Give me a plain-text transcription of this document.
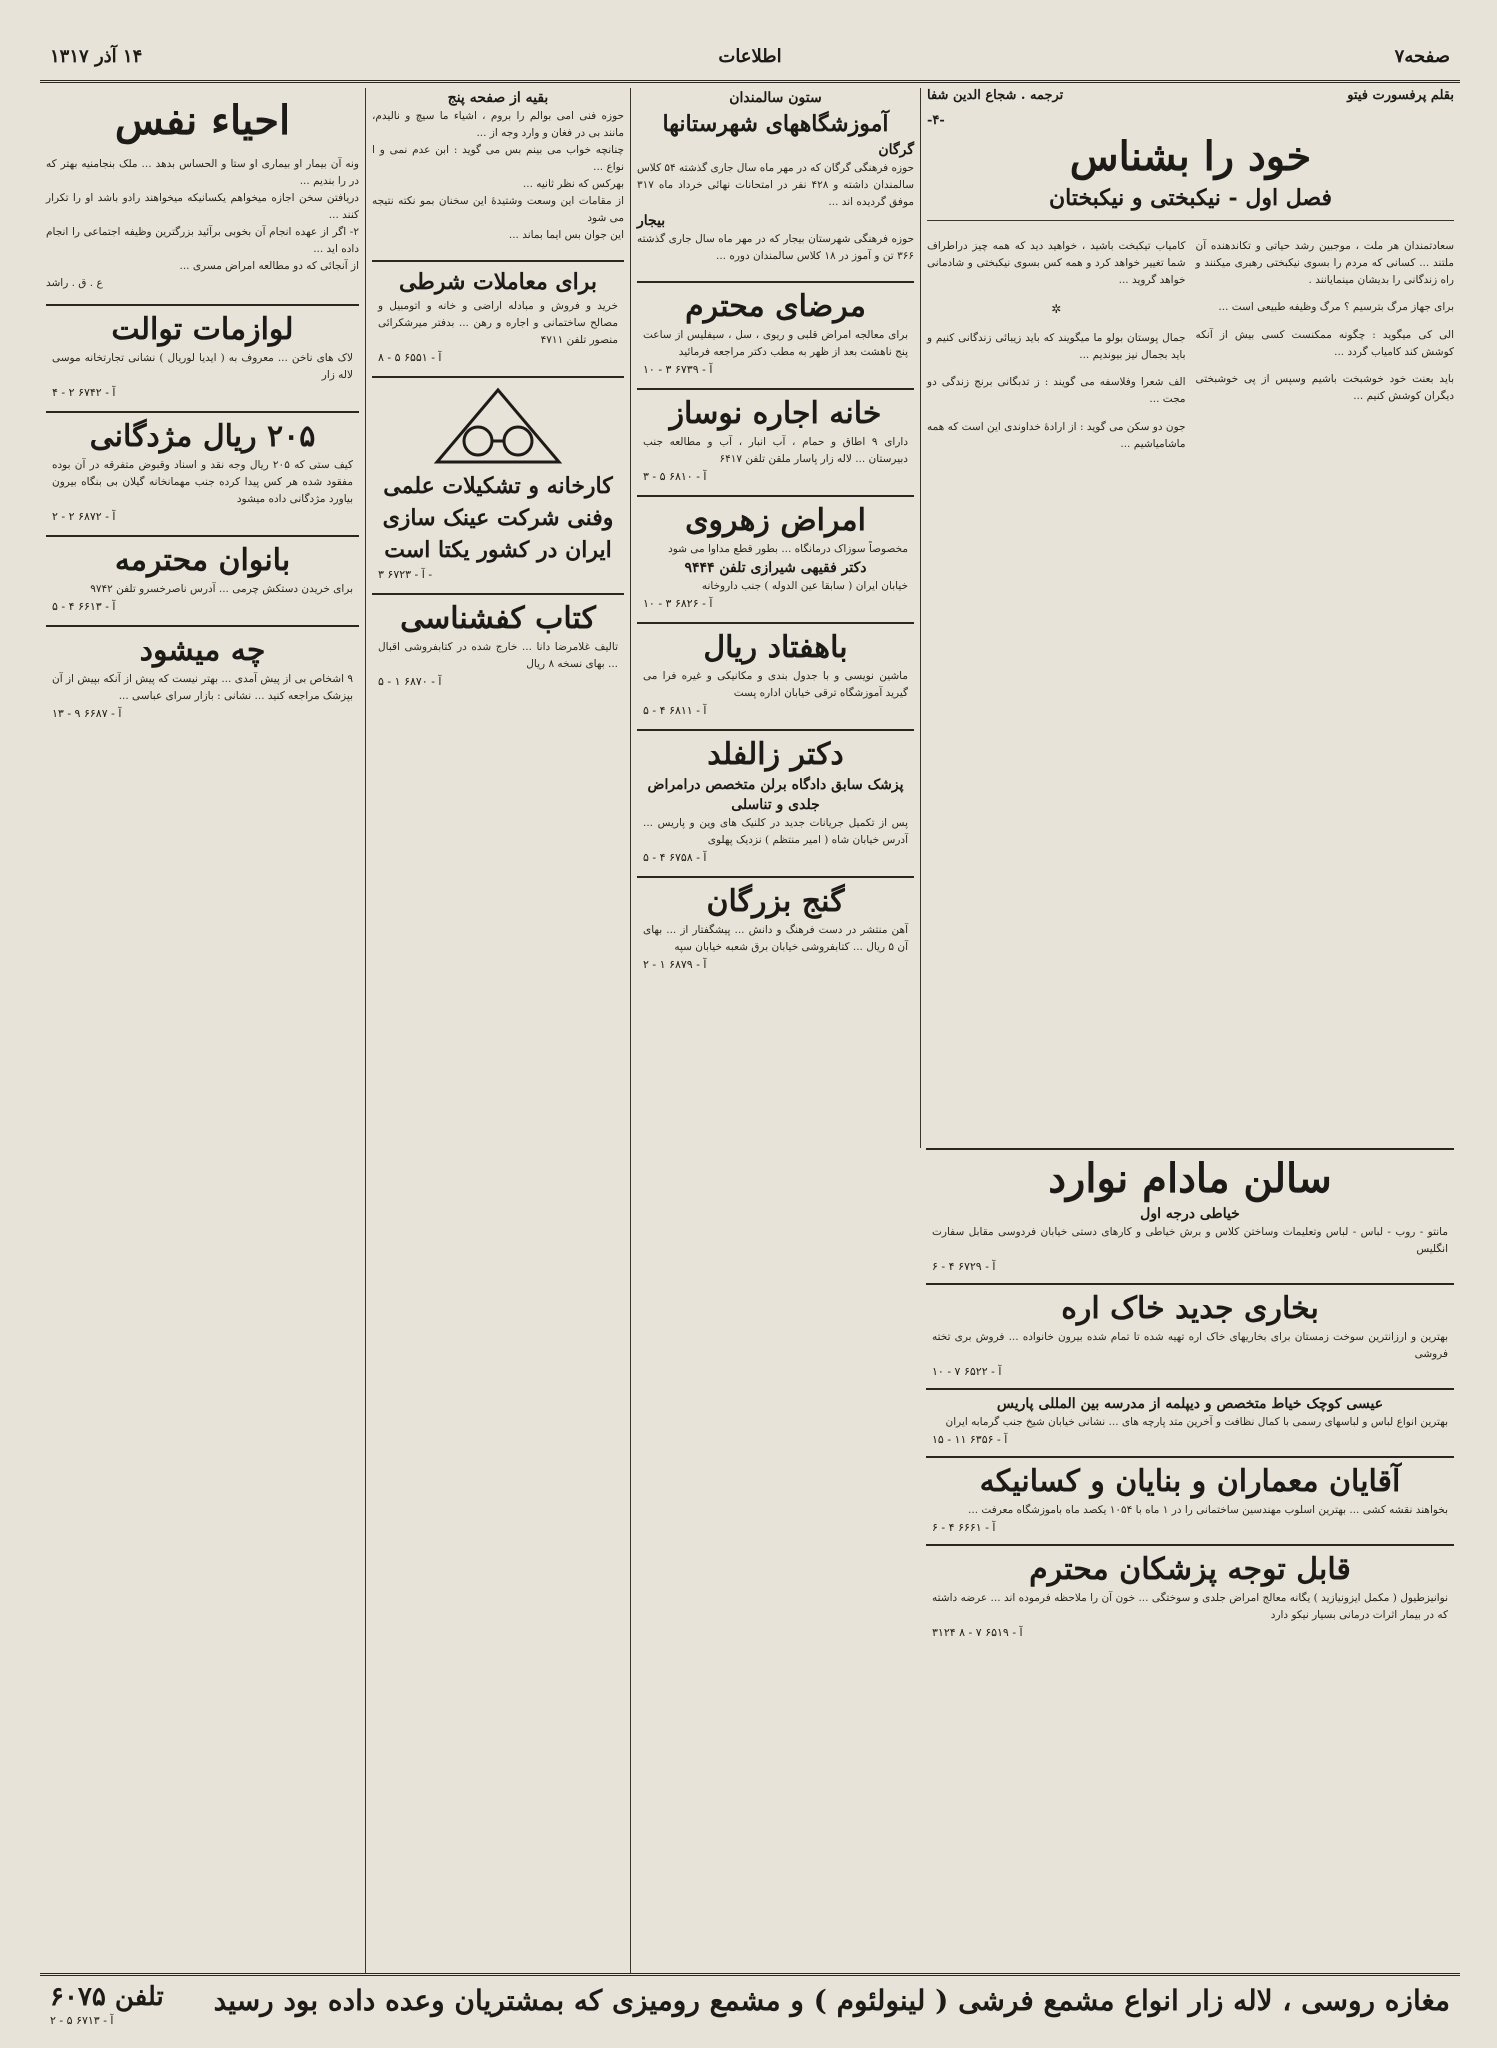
صفحه۷
اطلاعات
۱۴ آذر ۱۳۱۷
بقلم پرفسورت فیتو
ترجمه . شجاع الدین شفا
-۴-
خود را بشناس
فصل اول - نیکبختی و نیکبختان

سعادتمندان هر ملت ، موجبین رشد حیاتی و تکاندهنده آن ملتند ... کسانی که مردم را بسوی نیکبختی رهبری میکنند و راه زندگانی را بدیشان مینمایانند .

برای جهاز مرگ بترسیم ؟ مرگ وظیفه طبیعی است ...

الی کی میگوید : چگونه ممکنست کسی بیش از آنکه کوشش کند کامیاب گردد ...

باید بعنت خود خوشبخت باشیم وسپس از پی خوشبختی دیگران کوشش کنیم ...

کامیاب تیکبخت باشید ، خواهید دید که همه چیز دراطراف شما تغییر خواهد کرد و همه کس بسوی نیکبختی و شادمانی خواهد گروید ...

✲

جمال پوستان بولو ما میگویند که باید زیبائی زندگانی کنیم و باید بجمال نیز بیوندیم ...

الف شعرا وفلاسفه می گویند : ز تدبگانی برنج زندگی دو مجت ...

جون دو سکن می گوید : از ارادهٔ خداوندی این است که همه ماشامیاشیم ...

ستون سالمندان
آموزشگاههای شهرستانها
گرگان
حوزه فرهنگی گرگان که در مهر ماه سال جاری گذشته ۵۴ کلاس سالمندان داشته و ۴۲۸ نفر در امتحانات نهائی خرداد ماه ۳۱۷ موفق گردیده اند ...
بیجار
حوزه فرهنگی شهرستان بیجار که در مهر ماه سال جاری گذشته ۳۶۶ تن و آموز در ۱۸ کلاس سالمندان دوره ...
مرضای محترم
برای معالجه امراض قلبی و ریوی ، سل ، سیفلیس از ساعت پنج ناهشت بعد از ظهر به مطب دکتر مراجعه فرمائید
آ - ۶۷۳۹ ۳ - ۱۰
خانه اجاره نوساز
دارای ۹ اطاق و حمام ، آب انبار ، آب و مطالعه جنب دبیرستان ... لاله زار پاسار ملقن تلفن ۶۴۱۷
آ - ۶۸۱۰ ۵ - ۳
امراض زهروی
مخصوصاً سوزاک درمانگاه ... بطور قطع مداوا می شود
دکتر فقیهی شیرازی تلفن ۹۴۴۴
خیابان ایران ( سابقا عین الدوله ) جنب داروخانه
آ - ۶۸۲۶ ۳ - ۱۰
باهفتاد ریال
ماشین نویسی و با جدول بندی و مکانیکی و غیره فرا می گیرید آموزشگاه ترقی خیابان اداره پست
آ - ۶۸۱۱ ۴ - ۵
دکتر زالفلد
پزشک سابق دادگاه برلن متخصص درامراض جلدی و تناسلی
پس از تکمیل جریانات جدید در کلنیک های وین و پاریس ... آدرس خیابان شاه ( امیر منتظم ) نزدیک پهلوی
آ - ۶۷۵۸ ۴ - ۵
گنج بزرگان
آهن منتشر در دست فرهنگ و دانش ... پیشگفتار از ... بهای آن ۵ ریال ... کتابفروشی خیابان برق شعبه خیابان سپه
آ - ۶۸۷۹ ۱ - ۲
بقیه از صفحه پنج
حوزه فنی امی بوالم را بروم ، اشیاء ما سیچ و نالیدم، مانند بی در فغان و وارد وجه از ...
چنانچه خواب می بینم بس می گوید : ابن عدم نمی و ا نواع ...
بهرکس که نظر ثانیه ...
از مقامات این وسعت وشتیدهٔ این سخنان بمو نکته نتیجه می شود
این جوان بس ایما بماند ...
برای معاملات شرطی
خرید و فروش و مبادله اراضی و خانه و اتومبیل و مصالح ساختمانی و اجاره و رهن ... بدفتر میرشکرائی منصور تلفن ۴۷۱۱
آ - ۶۵۵۱ ۵ - ۸
کارخانه و تشکیلات علمی وفنی شرکت عینک سازی ایران در کشور یکتا است
آ - ۶۷۲۳ ۳ -
کتاب کفشناسی
تالیف غلامرضا دانا ... خارج شده در کتابفروشی اقبال ... بهای نسخه ۸ ریال
آ - ۶۸۷۰ ۱ - ۵
احیاء نفس
ونه آن بیمار او بیماری او ستا و الحساس بدهد ... ملک بنجامنیه بهتر که در را بندیم ...
دریافتن سخن اجازه میخواهم یکسانیکه میخواهند رادو باشد او را تکرار کنند ...
۲- اگر از عهده انجام آن بخوبی برآئید بزرگترین وظیفه اجتماعی را انجام داده اید ...
از آنجائی که دو مطالعه امراض مسری ...
ع . ق . راشد
لوازمات توالت
لاک های ناخن ... معروف به ( ایدیا لوریال ) نشانی تجارتخانه موسی لاله زار
آ - ۶۷۴۲ ۲ - ۴
۲۰۵ ریال مژدگانی
کیف ستی که ۲۰۵ ریال وجه نقد و اسناد وقبوض متفرقه در آن بوده مفقود شده هر کس پیدا کرده جنب مهمانخانه گیلان بی بنگاه بیرون بیاورد مژدگانی داده میشود
آ - ۶۸۷۲ ۲ - ۲
بانوان محترمه
برای خریدن دستکش چرمی ... آدرس ناصرخسرو تلفن ۹۷۴۲
آ - ۶۶۱۳ ۴ - ۵
چه میشود
۹ اشخاص بی از پیش آمدی ... بهتر نیست که پیش از آنکه بپیش از آن بپزشک مراجعه کنید ... نشانی : بازار سرای عباسی ...
آ - ۶۶۸۷ ۹ - ۱۳
سالن مادام نوارد
خیاطی درجه اول
مانتو - روب - لباس - لباس وتعلیمات وساختن کلاس و برش خیاطی و کارهای دستی خیابان فردوسی مقابل سفارت انگلیس
آ - ۶۷۲۹ ۴ - ۶
بخاری جدید خاک اره
بهترین و ارزانترین سوخت زمستان برای بخاریهای خاک اره تهیه شده تا تمام شده بیرون خانواده ... فروش بری تخته فروشی
آ - ۶۵۲۲ ۷ - ۱۰
عیسی کوچک خیاط متخصص و دیپلمه از مدرسه بین المللی پاریس
بهترین انواع لباس و لباسهای رسمی با کمال نظافت و آخرین متد پارچه های ... نشانی خیابان شیخ جنب گرمابه ایران
آ - ۶۳۵۶ ۱۱ - ۱۵
آقایان معماران و بنایان و کسانیکه
بخواهند نقشه کشی ... بهترین اسلوب مهندسین ساختمانی را در ۱ ماه با ۱۰۵۴ یکصد ماه باموزشگاه معرفت ...
آ - ۶۶۶۱ ۴ - ۶
قابل توجه پزشکان محترم
نوانیزطیول ( مکمل ایزونیازید ) یگانه معالج امراض جلدی و سوختگی ... خون آن را ملاحظه فرموده اند ... عرضه داشته که در بیمار اثرات درمانی بسیار نیکو دارد
آ - ۶۵۱۹ ۷ - ۸ ۳۱۲۴
مغازه روسی ، لاله زار انواع مشمع فرشی ( لینولئوم ) و مشمع رومیزی که بمشتریان وعده داده بود رسید
تلفن ۶۰۷۵
آ - ۶۷۱۳ ۵ - ۲
